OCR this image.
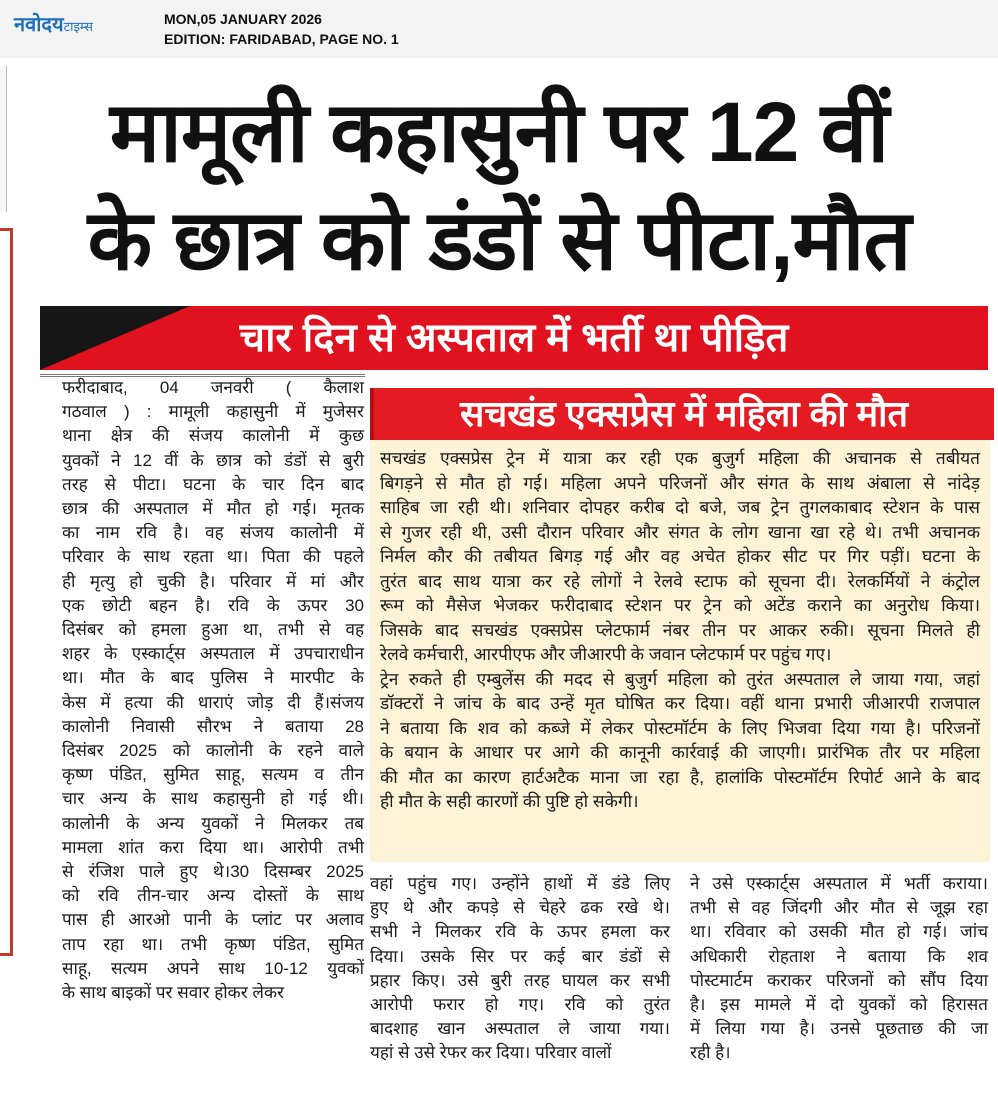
नवोदयटाइम्स	MON,05 JANUARY 2026
EDITION: FARIDABAD, PAGE NO. 1
मामूली कहासुनी पर 12 वीं
के छात्र को डंडों से पीटा,मौत
चार दिन से अस्पताल में भर्ती था पीड़ित
फरीदाबाद, 04 जनवरी ( कैलाश
गठवाल ) : मामूली कहासुनी में मुजेसर
थाना क्षेत्र की संजय कालोनी में कुछ
युवकों ने 12 वीं के छात्र को डंडों से बुरी
तरह से पीटा। घटना के चार दिन बाद
छात्र की अस्पताल में मौत हो गई। मृतक
का नाम रवि है। वह संजय कालोनी में
परिवार के साथ रहता था। पिता की पहले
ही मृत्यु हो चुकी है। परिवार में मां और
एक छोटी बहन है। रवि के ऊपर 30
दिसंबर को हमला हुआ था, तभी से वह
शहर के एस्कार्ट्स अस्पताल में उपचाराधीन
था। मौत के बाद पुलिस ने मारपीट के
केस में हत्या की धाराएं जोड़ दी हैं।संजय
कालोनी निवासी सौरभ ने बताया 28
दिसंबर 2025 को कालोनी के रहने वाले
कृष्ण पंडित, सुमित साहू, सत्यम व तीन
चार अन्य के साथ कहासुनी हो गई थी।
कालोनी के अन्य युवकों ने मिलकर तब
मामला शांत करा दिया था। आरोपी तभी
से रंजिश पाले हुए थे।30 दिसम्बर 2025
को रवि तीन-चार अन्य दोस्तों के साथ
पास ही आरओ पानी के प्लांट पर अलाव
ताप रहा था। तभी कृष्ण पंडित, सुमित
साहू, सत्यम अपने साथ 10-12 युवकों
के साथ बाइकों पर सवार होकर लेकर
सचखंड एक्सप्रेस में महिला की मौत
सचखंड एक्सप्रेस ट्रेन में यात्रा कर रही एक बुजुर्ग महिला की अचानक से तबीयत
बिगड़ने से मौत हो गई। महिला अपने परिजनों और संगत के साथ अंबाला से नांदेड़
साहिब जा रही थी। शनिवार दोपहर करीब दो बजे, जब ट्रेन तुगलकाबाद स्टेशन के पास
से गुजर रही थी, उसी दौरान परिवार और संगत के लोग खाना खा रहे थे। तभी अचानक
निर्मल कौर की तबीयत बिगड़ गई और वह अचेत होकर सीट पर गिर पड़ीं। घटना के
तुरंत बाद साथ यात्रा कर रहे लोगों ने रेलवे स्टाफ को सूचना दी। रेलकर्मियों ने कंट्रोल
रूम को मैसेज भेजकर फरीदाबाद स्टेशन पर ट्रेन को अटेंड कराने का अनुरोध किया।
जिसके बाद सचखंड एक्सप्रेस प्लेटफार्म नंबर तीन पर आकर रुकी। सूचना मिलते ही
रेलवे कर्मचारी, आरपीएफ और जीआरपी के जवान प्लेटफार्म पर पहुंच गए।
ट्रेन रुकते ही एम्बुलेंस की मदद से बुजुर्ग महिला को तुरंत अस्पताल ले जाया गया, जहां
डॉक्टरों ने जांच के बाद उन्हें मृत घोषित कर दिया। वहीं थाना प्रभारी जीआरपी राजपाल
ने बताया कि शव को कब्जे में लेकर पोस्टमॉर्टम के लिए भिजवा दिया गया है। परिजनों
के बयान के आधार पर आगे की कानूनी कार्रवाई की जाएगी। प्रारंभिक तौर पर महिला
की मौत का कारण हार्टअटैक माना जा रहा है, हालांकि पोस्टमॉर्टम रिपोर्ट आने के बाद
ही मौत के सही कारणों की पुष्टि हो सकेगी।
वहां पहुंच गए। उन्होंने हाथों में डंडे लिए
हुए थे और कपड़े से चेहरे ढक रखे थे।
सभी ने मिलकर रवि के ऊपर हमला कर
दिया। उसके सिर पर कई बार डंडों से
प्रहार किए। उसे बुरी तरह घायल कर सभी
आरोपी फरार हो गए। रवि को तुरंत
बादशाह खान अस्पताल ले जाया गया।
यहां से उसे रेफर कर दिया। परिवार वालों
ने उसे एस्कार्ट्स अस्पताल में भर्ती कराया।
तभी से वह जिंदगी और मौत से जूझ रहा
था। रविवार को उसकी मौत हो गई। जांच
अधिकारी रोहताश ने बताया कि शव
पोस्टमार्टम कराकर परिजनों को सौंप दिया
है। इस मामले में दो युवकों को हिरासत
में लिया गया है। उनसे पूछताछ की जा
रही है।
